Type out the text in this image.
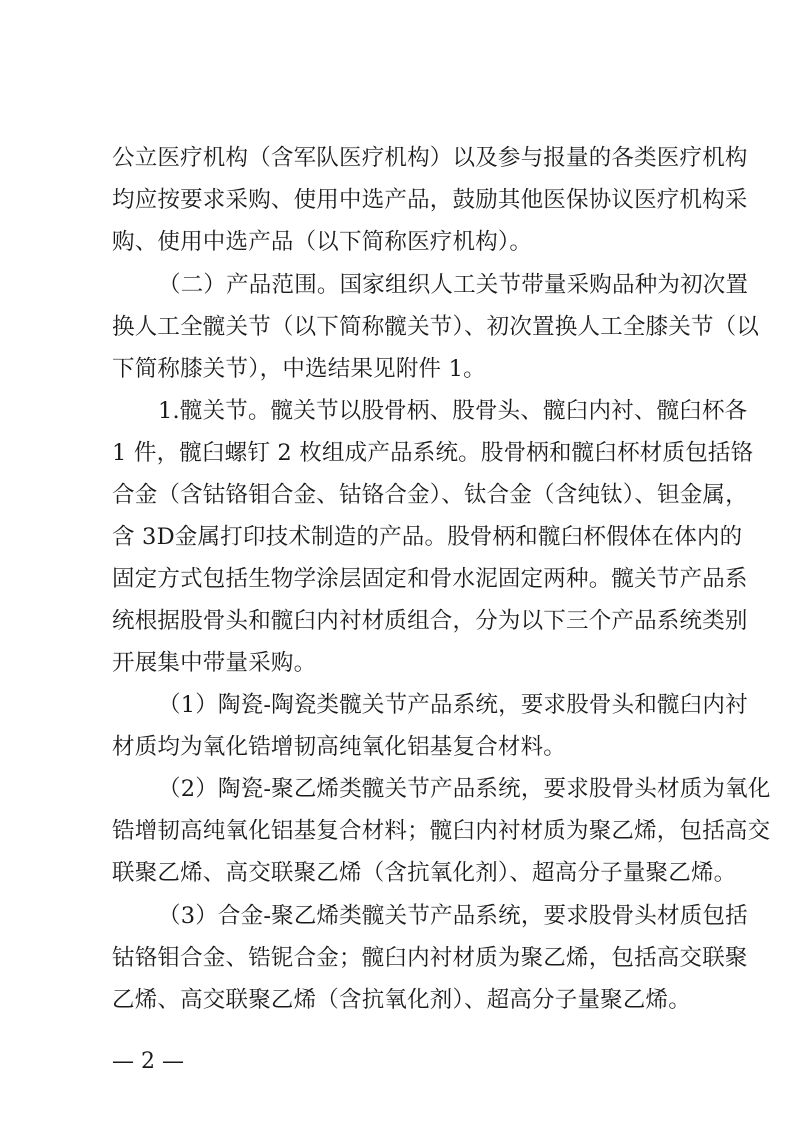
公立医疗机构（含军队医疗机构）以及参与报量的各类医疗机构
均应按要求采购、使用中选产品，鼓励其他医保协议医疗机构采
购、使用中选产品（以下简称医疗机构）。
（二）产品范围。国家组织人工关节带量采购品种为初次置
换人工全髋关节（以下简称髋关节）、初次置换人工全膝关节（以
下简称膝关节），中选结果见附件 1。
1.髋关节。髋关节以股骨柄、股骨头、髋臼内衬、髋臼杯各
1 件，髋臼螺钉 2 枚组成产品系统。股骨柄和髋臼杯材质包括铬
合金（含钴铬钼合金、钴铬合金）、钛合金（含纯钛）、钽金属，
含 3D金属打印技术制造的产品。股骨柄和髋臼杯假体在体内的
固定方式包括生物学涂层固定和骨水泥固定两种。髋关节产品系
统根据股骨头和髋臼内衬材质组合，分为以下三个产品系统类别
开展集中带量采购。
（1）陶瓷-陶瓷类髋关节产品系统，要求股骨头和髋臼内衬
材质均为氧化锆增韧高纯氧化铝基复合材料。
（2）陶瓷-聚乙烯类髋关节产品系统，要求股骨头材质为氧化
锆增韧高纯氧化铝基复合材料；髋臼内衬材质为聚乙烯，包括高交
联聚乙烯、高交联聚乙烯（含抗氧化剂）、超高分子量聚乙烯。
（3）合金-聚乙烯类髋关节产品系统，要求股骨头材质包括
钴铬钼合金、锆铌合金；髋臼内衬材质为聚乙烯，包括高交联聚
乙烯、高交联聚乙烯（含抗氧化剂）、超高分子量聚乙烯。
— 2 —
